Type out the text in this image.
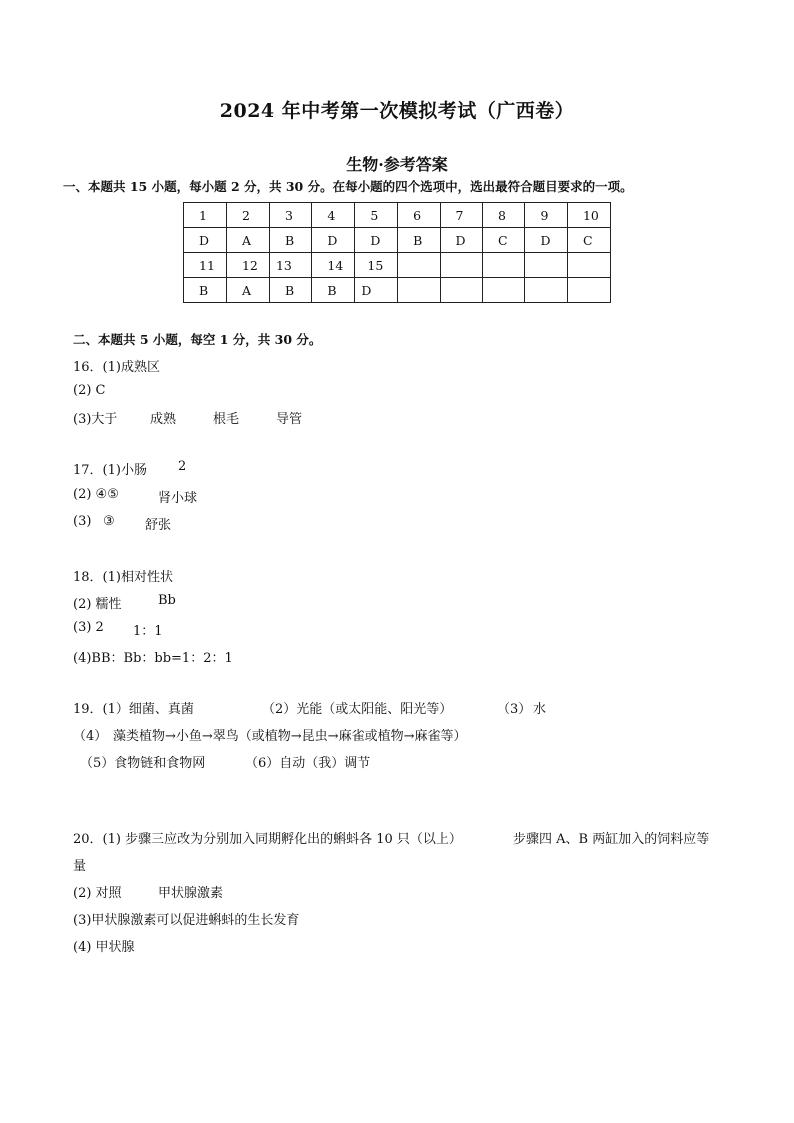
2024 年中考第一次模拟考试（广西卷）
生物·参考答案
一、本题共 15 小题，每小题 2 分，共 30 分。在每小题的四个选项中，选出最符合题目要求的一项。
1	2	3	4	5	6	7	8	9	10
D	A	B	D	D	B	D	C	D	C
11	12	13	14	15					
B	A	B	B	D					
二、本题共 5 小题，每空 1 分，共 30 分。
16．(1)成熟区
(2) C
(3)大于	成熟	根毛	导管
17．(1)小肠 2
(2) ④⑤	肾小球
(3) ③ 舒张
18．(1)相对性状
(2) 糯性	Bb
(3) 2 1：1
(4)BB：Bb：bb=1：2：1
19．(1）细菌、真菌	（2）光能（或太阳能、阳光等）	（3） 水
（4） 藻类植物→小鱼→翠鸟（或植物→昆虫→麻雀或植物→麻雀等）
（5）食物链和食物网	（6）自动（我）调节
20．(1) 步骤三应改为分别加入同期孵化出的蝌蚪各 10 只（以上）	步骤四 A、B 两缸加入的饲料应等
量
(2) 对照	甲状腺激素
(3)甲状腺激素可以促进蝌蚪的生长发育
(4) 甲状腺
